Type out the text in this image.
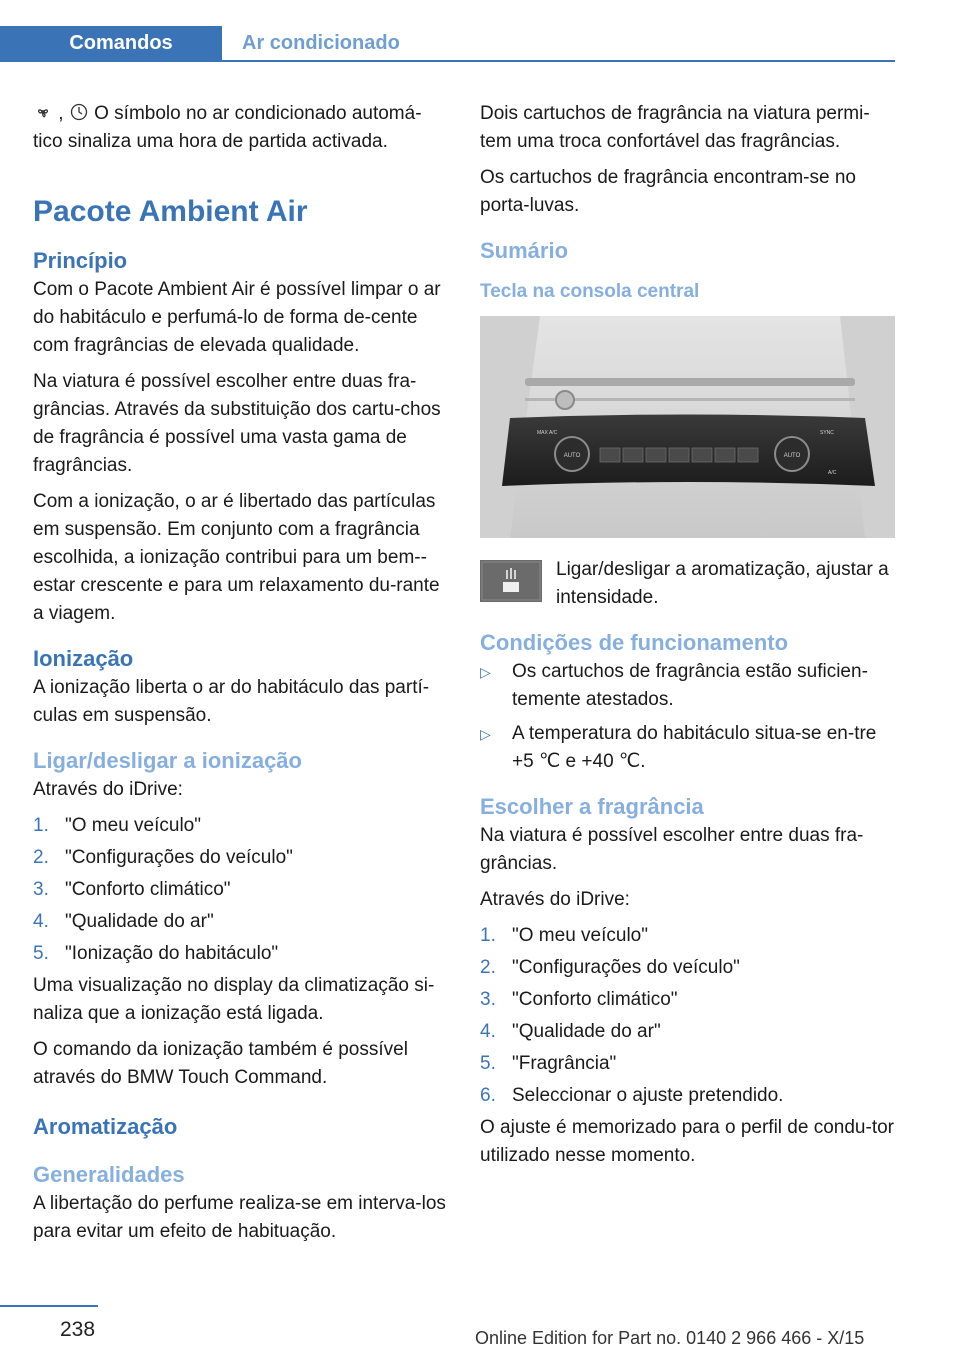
Comandos	Ar condicionado

, O símbolo no ar condicionado automá-tico sinaliza uma hora de partida activada.

Pacote Ambient Air
Princípio

Com o Pacote Ambient Air é possível limpar o ar do habitáculo e perfumá-lo de forma de-cente com fragrâncias de elevada qualidade.

Na viatura é possível escolher entre duas fra-grâncias. Através da substituição dos cartu-chos de fragrância é possível uma vasta gama de fragrâncias.

Com a ionização, o ar é libertado das partículas em suspensão. Em conjunto com a fragrância escolhida, a ionização contribui para um bem--estar crescente e para um relaxamento du-rante a viagem.

Ionização

A ionização liberta o ar do habitáculo das partí-culas em suspensão.

Ligar/desligar a ionização

Através do iDrive:

1. "O meu veículo"
2. "Configurações do veículo"
3. "Conforto climático"
4. "Qualidade do ar"
5. "Ionização do habitáculo"

Uma visualização no display da climatização si-naliza que a ionização está ligada.

O comando da ionização também é possível através do BMW Touch Command.

Aromatização
Generalidades

A libertação do perfume realiza-se em interva-los para evitar um efeito de habituação.

Dois cartuchos de fragrância na viatura permi-tem uma troca confortável das fragrâncias.

Os cartuchos de fragrância encontram-se no porta-luvas.

Sumário
Tecla na consola central
AUTO	AUTO
MAX A/C	SYNC
A/C
Ligar/desligar a aromatização, ajustar a intensidade.
Condições de funcionamento
▷	Os cartuchos de fragrância estão suficien-temente atestados.
▷	A temperatura do habitáculo situa-se en-tre +5 ℃ e +40 ℃.
Escolher a fragrância

Na viatura é possível escolher entre duas fra-grâncias.

Através do iDrive:

1. "O meu veículo"
2. "Configurações do veículo"
3. "Conforto climático"
4. "Qualidade do ar"
5. "Fragrância"
6. Seleccionar o ajuste pretendido.

O ajuste é memorizado para o perfil de condu-tor utilizado nesse momento.

238	Online Edition for Part no. 0140 2 966 466 - X/15
